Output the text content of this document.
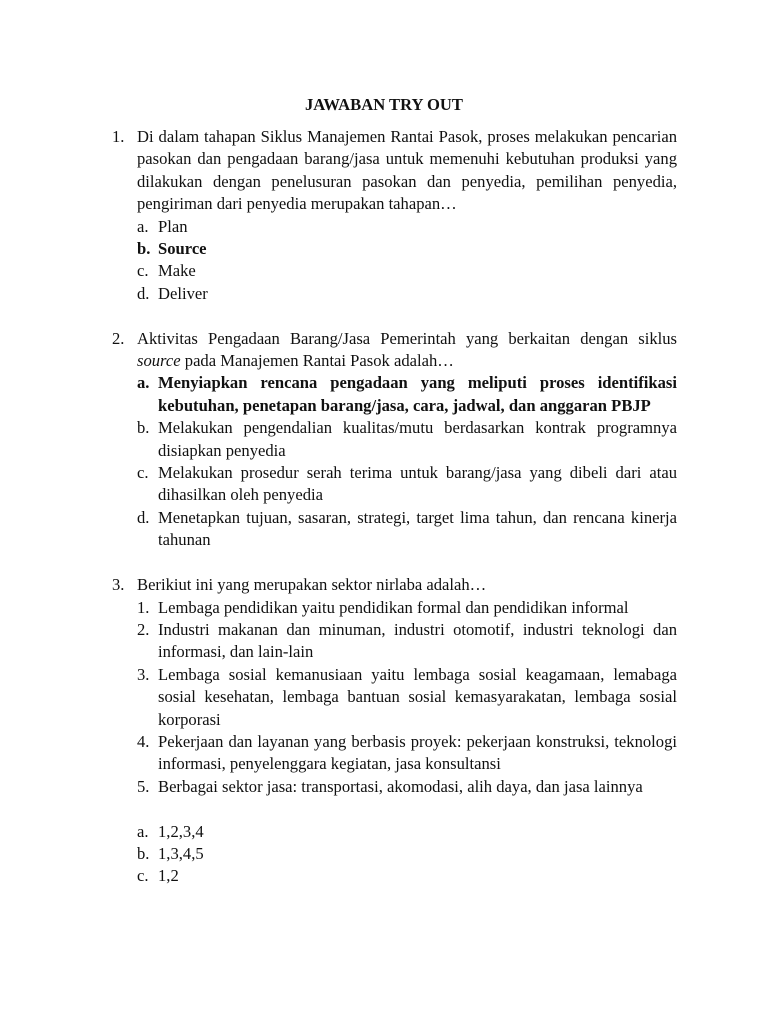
JAWABAN TRY OUT
1. Di dalam tahapan Siklus Manajemen Rantai Pasok, proses melakukan pencarian pasokan dan pengadaan barang/jasa untuk memenuhi kebutuhan produksi yang dilakukan dengan penelusuran pasokan dan penyedia, pemilihan penyedia, pengiriman dari penyedia merupakan tahapan…
a. Plan
b. Source
c. Make
d. Deliver
2. Aktivitas Pengadaan Barang/Jasa Pemerintah yang berkaitan dengan siklus source pada Manajemen Rantai Pasok adalah…
a. Menyiapkan rencana pengadaan yang meliputi proses identifikasi kebutuhan, penetapan barang/jasa, cara, jadwal, dan anggaran PBJP
b. Melakukan pengendalian kualitas/mutu berdasarkan kontrak programnya disiapkan penyedia
c. Melakukan prosedur serah terima untuk barang/jasa yang dibeli dari atau dihasilkan oleh penyedia
d. Menetapkan tujuan, sasaran, strategi, target lima tahun, dan rencana kinerja tahunan
3. Berikiut ini yang merupakan sektor nirlaba adalah…
1. Lembaga pendidikan yaitu pendidikan formal dan pendidikan informal
2. Industri makanan dan minuman, industri otomotif, industri teknologi dan informasi, dan lain-lain
3. Lembaga sosial kemanusiaan yaitu lembaga sosial keagamaan, lemabaga sosial kesehatan, lembaga bantuan sosial kemasyarakatan, lembaga sosial korporasi
4. Pekerjaan dan layanan yang berbasis proyek: pekerjaan konstruksi, teknologi informasi, penyelenggara kegiatan, jasa konsultansi
5. Berbagai sektor jasa: transportasi, akomodasi, alih daya, dan jasa lainnya
a. 1,2,3,4
b. 1,3,4,5
c. 1,2
